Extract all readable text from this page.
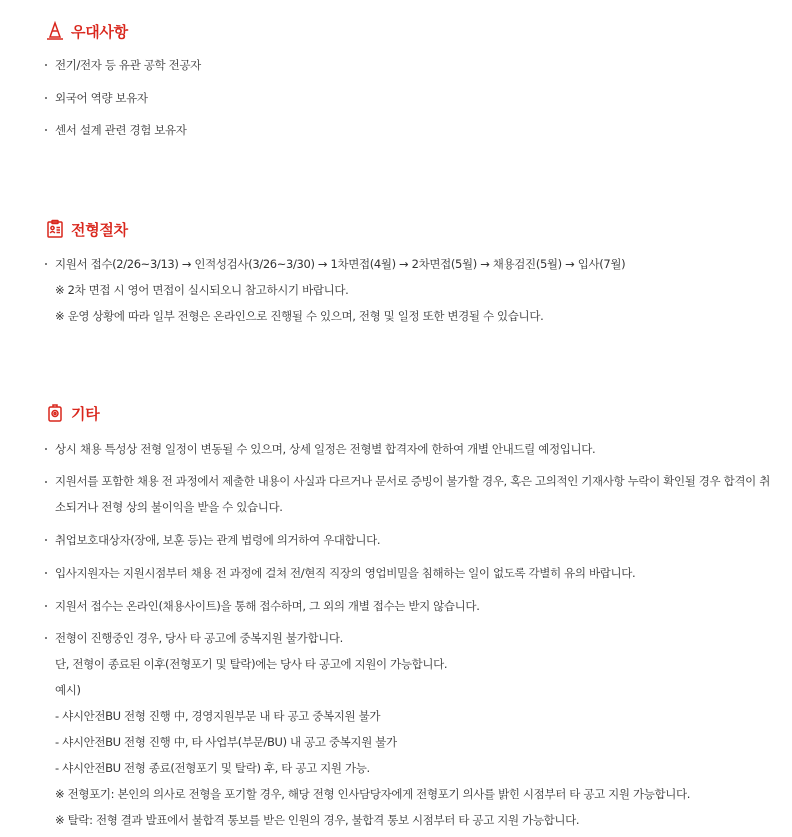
우대사항
전기/전자 등 유관 공학 전공자
외국어 역량 보유자
센서 설계 관련 경험 보유자
전형절차
지원서 접수(2/26~3/13) → 인적성검사(3/26~3/30) → 1차면접(4월) → 2차면접(5월) → 채용검진(5월) → 입사(7월)
※ 2차 면접 시 영어 면접이 실시되오니 참고하시기 바랍니다.
※ 운영 상황에 따라 일부 전형은 온라인으로 진행될 수 있으며, 전형 및 일정 또한 변경될 수 있습니다.
기타
상시 채용 특성상 전형 일정이 변동될 수 있으며, 상세 일정은 전형별 합격자에 한하여 개별 안내드릴 예정입니다.
지원서를 포함한 채용 전 과정에서 제출한 내용이 사실과 다르거나 문서로 증빙이 불가할 경우, 혹은 고의적인 기재사항 누락이 확인될 경우 합격이 취소되거나 전형 상의 불이익을 받을 수 있습니다.
취업보호대상자(장애, 보훈 등)는 관계 법령에 의거하여 우대합니다.
입사지원자는 지원시점부터 채용 전 과정에 걸쳐 전/현직 직장의 영업비밀을 침해하는 일이 없도록 각별히 유의 바랍니다.
지원서 접수는 온라인(채용사이트)을 통해 접수하며, 그 외의 개별 접수는 받지 않습니다.
전형이 진행중인 경우, 당사 타 공고에 중복지원 불가합니다.
단, 전형이 종료된 이후(전형포기 및 탈락)에는 당사 타 공고에 지원이 가능합니다.
예시)
- 샤시안전BU 전형 진행 中, 경영지원부문 내 타 공고 중복지원 불가
- 샤시안전BU 전형 진행 中, 타 사업부(부문/BU) 내 공고 중복지원 불가
- 샤시안전BU 전형 종료(전형포기 및 탈락) 후, 타 공고 지원 가능.
※ 전형포기: 본인의 의사로 전형을 포기할 경우, 해당 전형 인사담당자에게 전형포기 의사를 밝힌 시점부터 타 공고 지원 가능합니다.
※ 탈락: 전형 결과 발표에서 불합격 통보를 받은 인원의 경우, 불합격 통보 시점부터 타 공고 지원 가능합니다.
